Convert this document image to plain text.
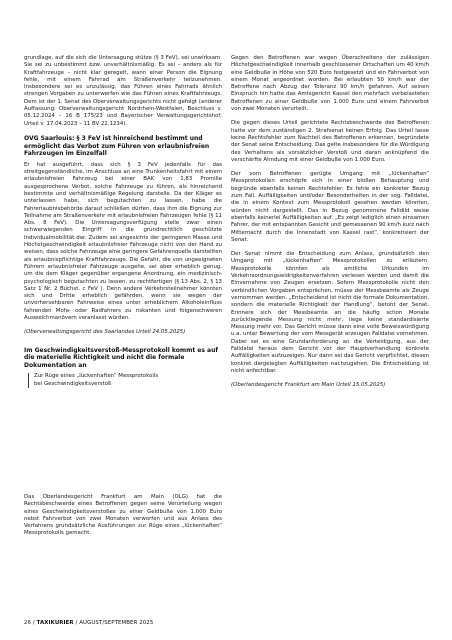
grundlage, auf die sich die Untersagung stütze (§ 3 FeV), sei unwirksam. Sie sei zu unbestimmt bzw. unverhältnismäßig. Es sei – anders als für Kraftfahrzeuge – nicht klar geregelt, wann einer Person die Eignung fehle, mit einem Fahrrad am Straßenverkehr teilzunehmen. Insbesondere sei es unzulässig, das Führen eines Fahrrads ähnlich strengen Vorgaben zu unterwerfen wie das Führen eines Kraftfahrzeugs. Dem ist der 1. Senat des Oberverwaltungsgerichts nicht gefolgt (anderer Auffassung: Oberverwaltungsgericht Nordrhein-Westfalen, Beschluss v. 05.12.2024 – 16 B 175/23 und Bayerischer Verwaltungsgerichtshof, Urteil v. 17.04.2023 – 11 BV 22.1234).

OVG Saarlouis: § 3 FeV ist hinreichend bestimmt und ermöglicht das Verbot zum Führen von erlaubnisfreien Fahrzeugen im Einzelfall

Er hat ausgeführt, dass sich § 3 FeV jedenfalls für das streitgegenständliche, im Anschluss an eine Trunkenheitsfahrt mit einem erlaubnisfreien Fahrzeug bei einer BAK von 1,83 Promille ausgesprochene Verbot, solche Fahrzeuge zu führen, als hinreichend bestimmte und verhältnismäßige Regelung darstelle. Da der Kläger es unterlassen habe, sich begutachten zu lassen, habe die Fahrerlaubnisbehörde darauf schließen dürfen, dass ihm die Eignung zur Teilnahme am Straßenverkehr mit erlaubnisfreien Fahrzeugen fehle (§ 11 Abs. 8 FeV). Die Untersagungsverfügung stelle zwar einen schwerwiegenden Eingriff in die grundrechtlich geschützte Individualmobilität dar. Zudem sei angesichts der geringeren Masse und Höchstgeschwindigkeit erlaubnisfreier Fahrzeuge nicht von der Hand zu weisen, dass solche Fahrzeuge eine geringere Gefahrenquelle darstellten als erlaubnispflichtige Kraftfahrzeuge. Die Gefahr, die von ungeeigneten Führern erlaubnisfreier Fahrzeuge ausgehe, sei aber erheblich genug, um die dem Kläger gegenüber ergangene Anordnung, ein medizinisch-psychologisch begutachten zu lassen, zu rechtfertigen (§ 13 Abs. 2, § 13 Satz 1 Nr. 2 Buchst. c FeV ). Denn andere Verkehrsteilnehmer könnten sich und Dritte erheblich gefährden, wenn sie wegen der unvorhersehbaren Fahrweise eines unter erheblichem Alkoholeinfluss fahrenden Mofa- oder Radfahrers zu riskanten und folgenschweren Ausweichmanövern veranlasst würden.

(Oberverwaltungsgericht des Saarlandes Urteil 24.05.2025)

Im Geschwindigkeitsverstoß-Messprotokoll kommt es auf die materielle Richtigkeit und nicht die formale Dokumentation an

Zur Rüge eines „lückenhaften“ Messprotokolls
bei Geschwindigkeitsverstoß

Das Oberlandesgericht Frankfurt am Main (OLG) hat die Rechtsbeschwerde eines Betroffenen gegen seine Verurteilung wegen eines Geschwindigkeitsverstoßes zu einer Geldbuße von 1.000 Euro nebst Fahrverbot von zwei Monaten verworfen und aus Anlass des Verfahrens grundsätzliche Ausführungen zur Rüge eines „lückenhaften“ Messprotokolls gemacht.

Gegen den Betroffenen war wegen Überschreitens der zulässigen Höchstgeschwindigkeit innerhalb geschlossener Ortschaften um 40 km/h eine Geldbuße in Höhe von 520 Euro festgesetzt und ein Fahrverbot von einem Monat angeordnet worden. Bei erlaubten 50 km/h war der Betroffene nach Abzug der Toleranz 90 km/h gefahren. Auf seinen Einspruch hin hatte das Amtsgericht Kassel den mehrfach vorbelasteten Betroffenen zu einer Geldbuße von 1.000 Euro und einem Fahrverbot von zwei Monaten verurteilt.

Die gegen dieses Urteil gerichtete Rechtsbeschwerde des Betroffenen hatte vor dem zuständigen 2. Strafsenat keinen Erfolg. Das Urteil lasse keine Rechtsfehler zum Nachteil des Betroffenen erkennen, begründete der Senat seine Entscheidung. Das gelte insbesondere für die Würdigung des Verhaltens als vorsätzlicher Verstoß und daran anknüpfend die verschärfte Ahndung mit einer Geldbuße von 1.000 Euro.

Der vom Betroffenen gerügte Umgang mit „lückenhaften“ Messprotokollen erschöpfe sich in einer bloßen Behauptung und begründe ebenfalls keinen Rechtsfehler. Es fehle ein konkreter Bezug zum Fall. Auffälligkeiten und/oder Besonderheiten in der sog. Falldatei, die in einem Kontext zum Messprotokoll gesehen werden könnten, würden nicht dargestellt. Das in Bezug genommene Falldild weise ebenfalls keinerlei Auffälligkeiten auf. „Es zeigt lediglich einen einsamen Fahrer, der mit entspannten Gesicht und gemessenen 90 km/h kurz nach Mitternacht durch die Innenstadt von Kassel rast“, konkretisiert der Senat.

Der Senat nimmt die Entscheidung zum Anlass, grundsätzlich den Umgang mit „lückenhaften“ Messprotokollen zu erläutern. Messprotokolle könnten als amtliche Urkunden im Verkehrsordnungswidrigkeitenverfahren verlesen werden und damit die Einvernahme von Zeugen ersetzen. Sofern Messprotokolle nicht den verbindlichen Vorgaben entsprächen, müsse der Messbeamte als Zeuge vernommen werden. „Entscheidend ist nicht die formale Dokumentation, sondern die materielle Richtigkeit der Handlung“, betont der Senat. Erinnere sich der Messbeamte an die häufig schon Monate zurückliegende Messung nicht mehr, liege keine standardisierte Messung mehr vor. Das Gericht müsse dann eine volle Beweiswürdigung u.a. unter Bewertung der vom Messgerät erzeugen Falldatei vornehmen. Dabei sei es eine Grundanforderung an die Verteidigung, aus der Falldatei heraus dem Gericht vor der Hauptverhandlung konkrete Auffälligkeiten aufzuzeigen. Nur dann sei das Gericht verpflichtet, diesen konkret dargelegten Auffälligkeiten nachzugehen. Die Entscheidung ist nicht anfechtbar.

(Oberlandesgericht Frankfurt am Main Urteil 15.05.2025)

26 / TAXIKURIER / AUGUST/SEPTEMBER 2025
